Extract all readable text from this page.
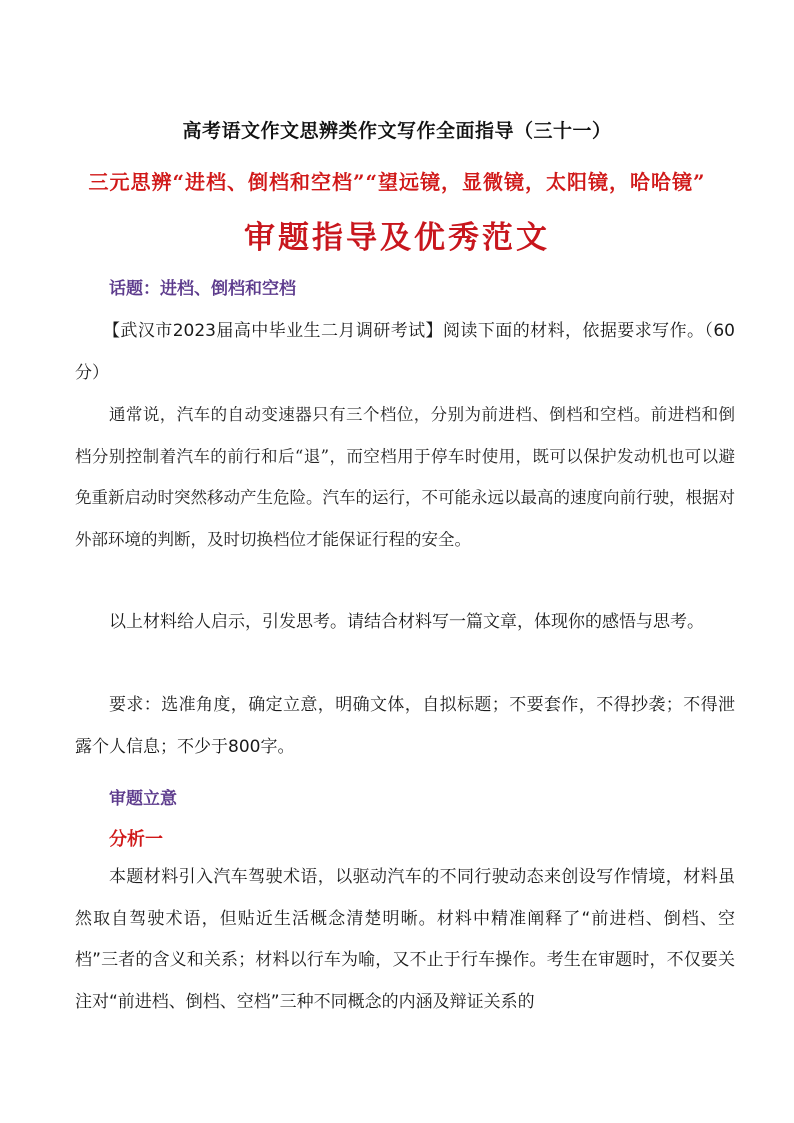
高考语文作文思辨类作文写作全面指导（三十一）
三元思辨“进档、倒档和空档”“望远镜，显微镜，太阳镜，哈哈镜”
审题指导及优秀范文
话题：进档、倒档和空档
【武汉市2023届高中毕业生二月调研考试】阅读下面的材料，依据要求写作。（60分）
通常说，汽车的自动变速器只有三个档位，分别为前进档、倒档和空档。前进档和倒档分别控制着汽车的前行和后“退”，而空档用于停车时使用，既可以保护发动机也可以避免重新启动时突然移动产生危险。汽车的运行，不可能永远以最高的速度向前行驶，根据对外部环境的判断，及时切换档位才能保证行程的安全。
以上材料给人启示，引发思考。请结合材料写一篇文章，体现你的感悟与思考。
要求：选准角度，确定立意，明确文体，自拟标题；不要套作，不得抄袭；不得泄露个人信息；不少于800字。
审题立意
分析一
本题材料引入汽车驾驶术语，以驱动汽车的不同行驶动态来创设写作情境，材料虽然取自驾驶术语，但贴近生活概念清楚明晰。材料中精准阐释了“前进档、倒档、空档”三者的含义和关系；材料以行车为喻，又不止于行车操作。考生在审题时，不仅要关注对“前进档、倒档、空档”三种不同概念的内涵及辩证关系的
